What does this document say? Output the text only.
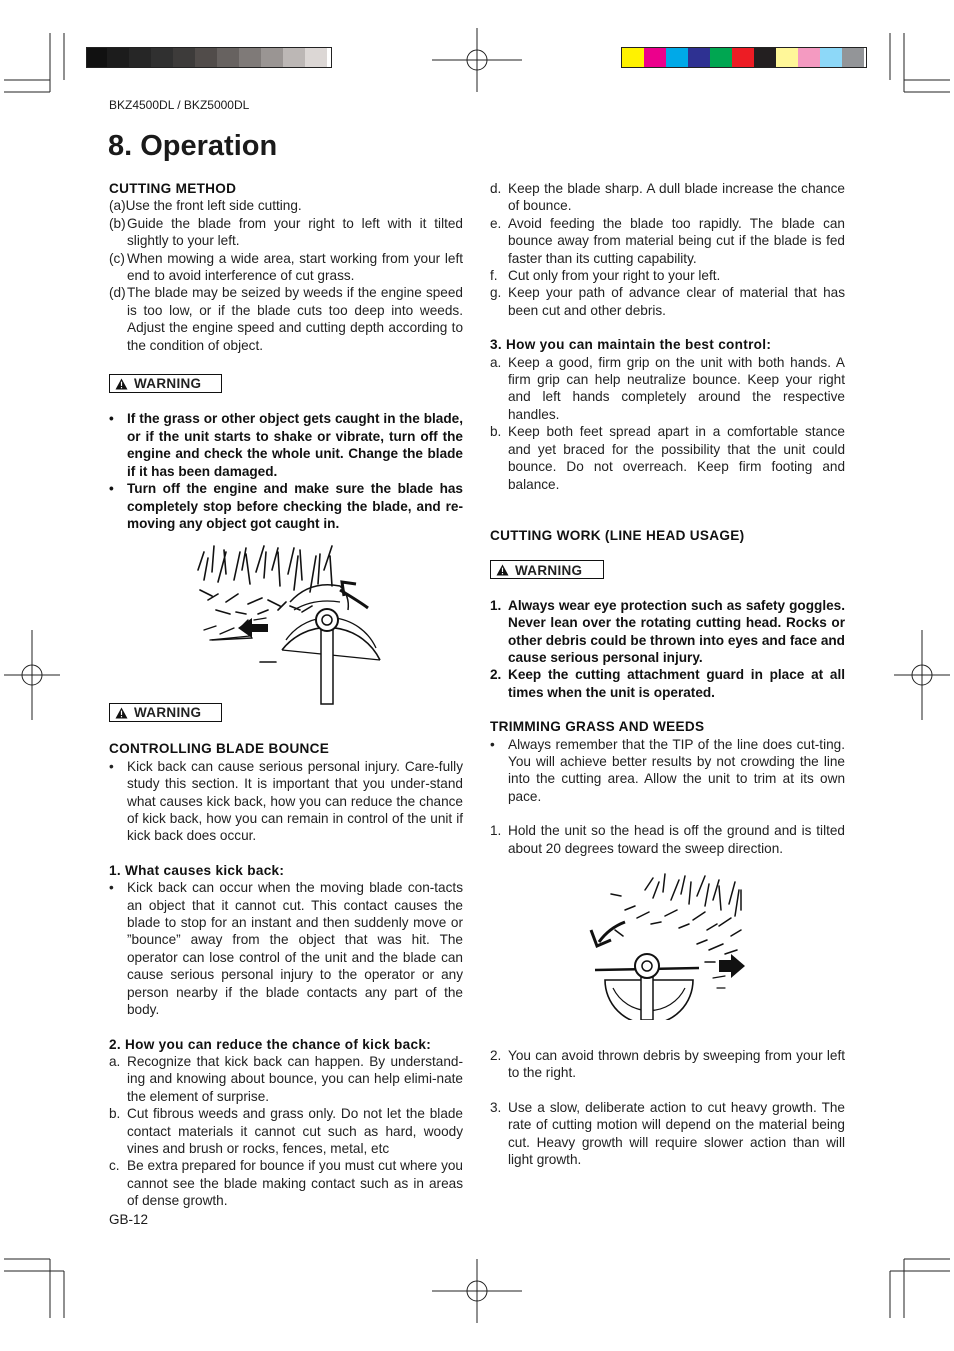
BKZ4500DL / BKZ5000DL
8. Operation

CUTTING METHOD

(a)Use the front left side cutting.

(b) Guide the blade from your right to left with it tilted slightly to your left.
(c) When mowing a wide area, start working from your left end to avoid interference of cut grass.
(d) The blade may be seized by weeds if the engine speed is too low, or if the blade cuts too deep into weeds. Adjust the engine speed and cutting depth according to the condition of object.
WARNING
• If the grass or other object gets caught in the blade, or if the unit starts to shake or vibrate, turn off the engine and check the whole unit. Change the blade if it has been damaged.
• Turn off the engine and make sure the blade has completely stop before checking the blade, and re-moving any object got caught in.
WARNING

CONTROLLING BLADE BOUNCE

• Kick back can cause serious personal injury. Care-fully study this section. It is important that you under-stand what causes kick back, how you can reduce the chance of kick back, how you can remain in control of the unit if kick back does occur.

1. What causes kick back:

• Kick back can occur when the moving blade con-tacts an object that it cannot cut. This contact causes the blade to stop for an instant and then suddenly move or ”bounce” away from the object that was hit. The operator can lose control of the unit and the blade can cause serious personal injury to the operator or any person nearby if the blade contacts any part of the body.

2. How you can reduce the chance of kick back:

a. Recognize that kick back can happen. By understand-ing and knowing about bounce, you can help elimi-nate the element of surprise.
b. Cut fibrous weeds and grass only. Do not let the blade contact materials it cannot cut such as hard, woody vines and brush or rocks, fences, metal, etc
c. Be extra prepared for bounce if you must cut where you cannot see the blade making contact such as in areas of dense growth.
GB-12
d. Keep the blade sharp. A dull blade increase the chance of bounce.
e. Avoid feeding the blade too rapidly. The blade can bounce away from material being cut if the blade is fed faster than its cutting capability.
f. Cut only from your right to your left.
g. Keep your path of advance clear of material that has been cut and other debris.

3. How you can maintain the best control:

a. Keep a good, firm grip on the unit with both hands. A firm grip can help neutralize bounce. Keep your right and left hands completely around the respective handles.
b. Keep both feet spread apart in a comfortable stance and yet braced for the possibility that the unit could bounce. Do not overreach. Keep firm footing and balance.

CUTTING WORK (LINE HEAD USAGE)

WARNING
1. Always wear eye protection such as safety goggles. Never lean over the rotating cutting head. Rocks or other debris could be thrown into eyes and face and cause serious personal injury.
2. Keep the cutting attachment guard in place at all times when the unit is operated.

TRIMMING GRASS AND WEEDS

• Always remember that the TIP of the line does cut-ting. You will achieve better results by not crowding the line into the cutting area. Allow the unit to trim at its own pace.
1. Hold the unit so the head is off the ground and is tilted about 20 degrees toward the sweep direction.
2. You can avoid thrown debris by sweeping from your left to the right.
3. Use a slow, deliberate action to cut heavy growth. The rate of cutting motion will depend on the material being cut. Heavy growth will require slower action than will light growth.
